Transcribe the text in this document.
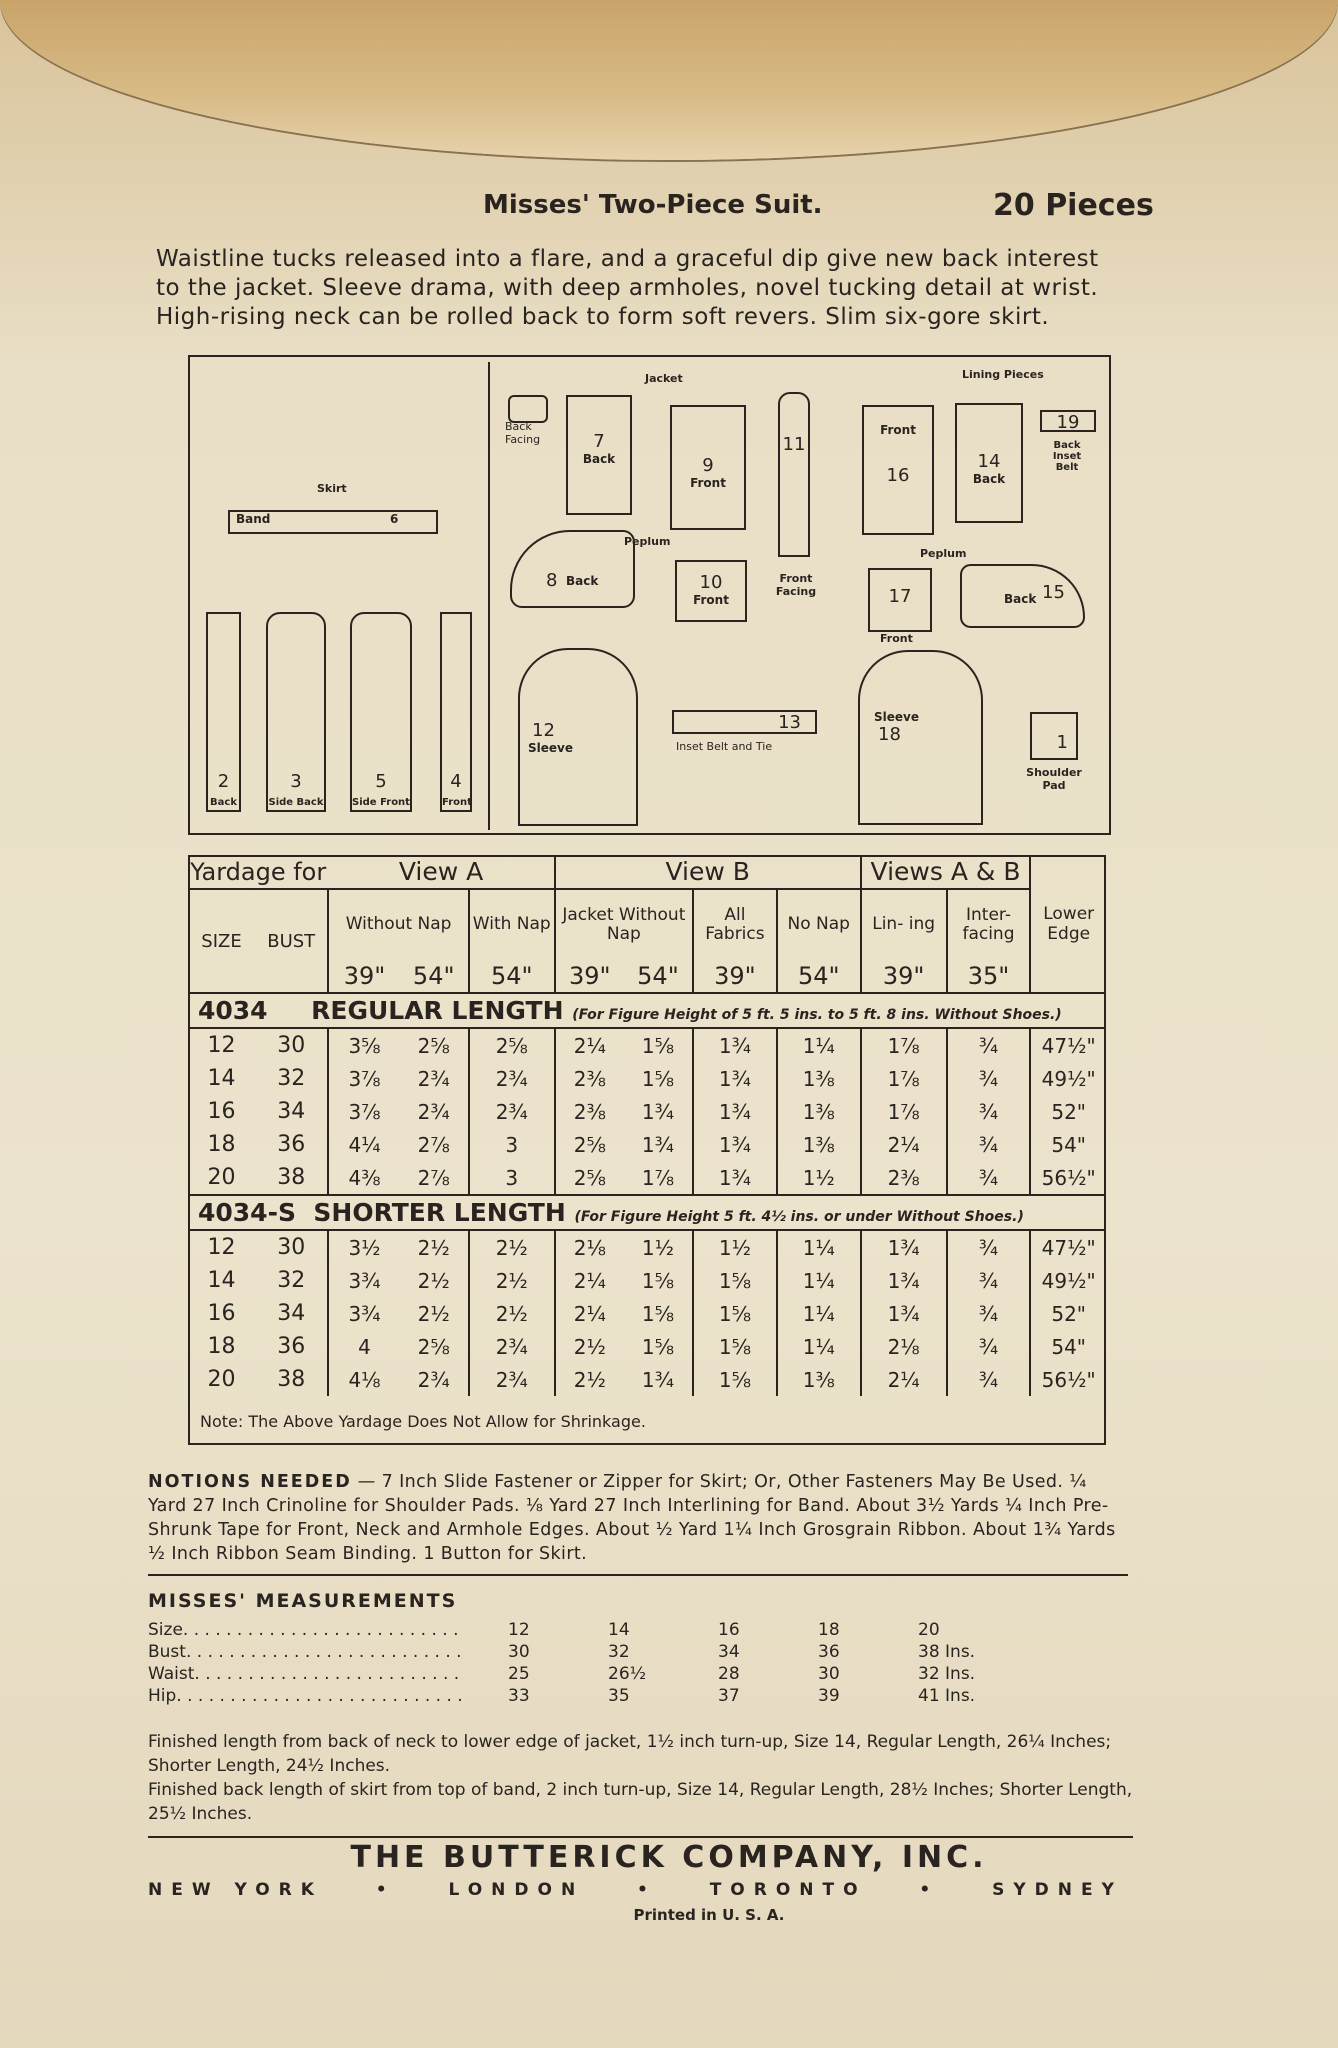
Misses' Two-Piece Suit.	20 Pieces
Waistline tucks released into a flare, and a graceful dip give new back interest
to the jacket. Sleeve drama, with deep armholes, novel tucking detail at wrist.
High-rising neck can be rolled back to form soft revers. Slim six-gore skirt.
Skirt
Band	6
2
Back
3
Side Back
5
Side Front
4
Front
Jacket
Back Facing	7
Back	9
Front
11
Front Facing
Peplum
8 Back	10
Front
12
Sleeve
13
Inset Belt and Tie
Lining Pieces
Front
16
14
Back
19
Back Inset Belt
Peplum
17
Front
Back 15
Sleeve
18	1
Shoulder Pad
Yardage for		View A			View B				Views A & B		Lower Edge
SIZE	BUST	Without Nap		With Nap	Jacket Without Nap		All Fabrics	No Nap	Lin- ing	Inter- facing	
		39"	54"	54"	39"	54"	39"	54"	39"	35"	
4034 REGULAR LENGTH (For Figure Height of 5 ft. 5 ins. to 5 ft. 8 ins. Without Shoes.)											
12	30	3⅝	2⅝	2⅝	2¼	1⅝	1¾	1¼	1⅞	¾	47½"
14	32	3⅞	2¾	2¾	2⅜	1⅝	1¾	1⅜	1⅞	¾	49½"
16	34	3⅞	2¾	2¾	2⅜	1¾	1¾	1⅜	1⅞	¾	52"
18	36	4¼	2⅞	3	2⅝	1¾	1¾	1⅜	2¼	¾	54"
20	38	4⅜	2⅞	3	2⅝	1⅞	1¾	1½	2⅜	¾	56½"
4034-S SHORTER LENGTH (For Figure Height 5 ft. 4½ ins. or under Without Shoes.)											
12	30	3½	2½	2½	2⅛	1½	1½	1¼	1¾	¾	47½"
14	32	3¾	2½	2½	2¼	1⅝	1⅝	1¼	1¾	¾	49½"
16	34	3¾	2½	2½	2¼	1⅝	1⅝	1¼	1¾	¾	52"
18	36	4	2⅝	2¾	2½	1⅝	1⅝	1¼	2⅛	¾	54"
20	38	4⅛	2¾	2¾	2½	1¾	1⅝	1⅜	2¼	¾	56½"
Note: The Above Yardage Does Not Allow for Shrinkage.
NOTIONS NEEDED — 7 Inch Slide Fastener or Zipper for Skirt; Or, Other Fasteners May Be Used. ¼ Yard 27 Inch Crinoline for Shoulder Pads. ⅛ Yard 27 Inch Interlining for Band. About 3½ Yards ¼ Inch Pre-Shrunk Tape for Front, Neck and Armhole Edges. About ½ Yard 1¼ Inch Grosgrain Ribbon. About 1¾ Yards ½ Inch Ribbon Seam Binding. 1 Button for Skirt.
MISSES' MEASUREMENTS
Size. . . . . . . . . . . . . . . . . . . . . . . . . .	12	14	16	18	20
Bust. . . . . . . . . . . . . . . . . . . . . . . . . .	30	32	34	36	38 Ins.
Waist. . . . . . . . . . . . . . . . . . . . . . . . .	25	26½	28	30	32 Ins.
Hip. . . . . . . . . . . . . . . . . . . . . . . . . . .	33	35	37	39	41 Ins.
Finished length from back of neck to lower edge of jacket, 1½ inch turn-up, Size 14, Regular Length, 26¼ Inches; Shorter Length, 24½ Inches.
Finished back length of skirt from top of band, 2 inch turn-up, Size 14, Regular Length, 28½ Inches; Shorter Length, 25½ Inches.
THE BUTTERICK COMPANY, INC.
NEW YORK	•	LONDON	•	TORONTO	•	SYDNEY
Printed in U. S. A.
